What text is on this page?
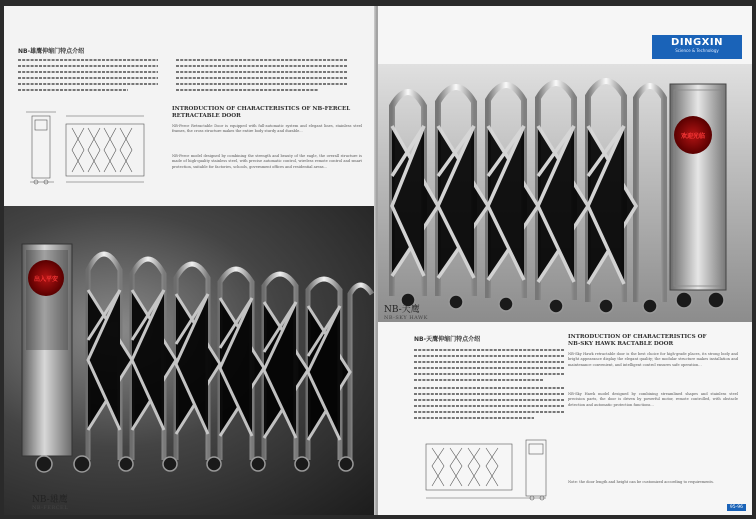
NB-雄鹰伸缩门特点介绍
INTRODUCTION OF CHARACTERISTICS OF NB-FERCEL
RETRACTABLE DOOR
NB-Ferce Retractable Door is equipped with full-automatic system and elegant lines, stainless steel frames, the cross structure makes the entire body sturdy and durable...
NB-Ferce model designed by combining the strength and beauty of the eagle, the overall structure is made of high-quality stainless steel, with precise automatic control, wireless remote control and smart protection, suitable for factories, schools, government offices and residential areas...
出入平安
NB-雄鹰
NB-FERCEL
DINGXIN
Science & Technology
欢迎光临
NB-天鹰
NB-SKY HAWK
NB-天鹰伸缩门特点介绍	INTRODUCTION OF CHARACTERISTICS OF
NB-SKY HAWK RACTABLE DOOR
NB-Sky Hawk retractable door is the best choice for high-grade places, its strong body and bright appearance display the elegant quality; the modular structure makes installation and maintenance convenient, and intelligent control ensures safe operation...
NB-Sky Hawk model designed by combining streamlined shapes and stainless steel precision parts, the door is driven by powerful motor, remote controlled, with obstacle detection and automatic protection functions...
Note: the door length and height can be customized according to requirements.
95-96
